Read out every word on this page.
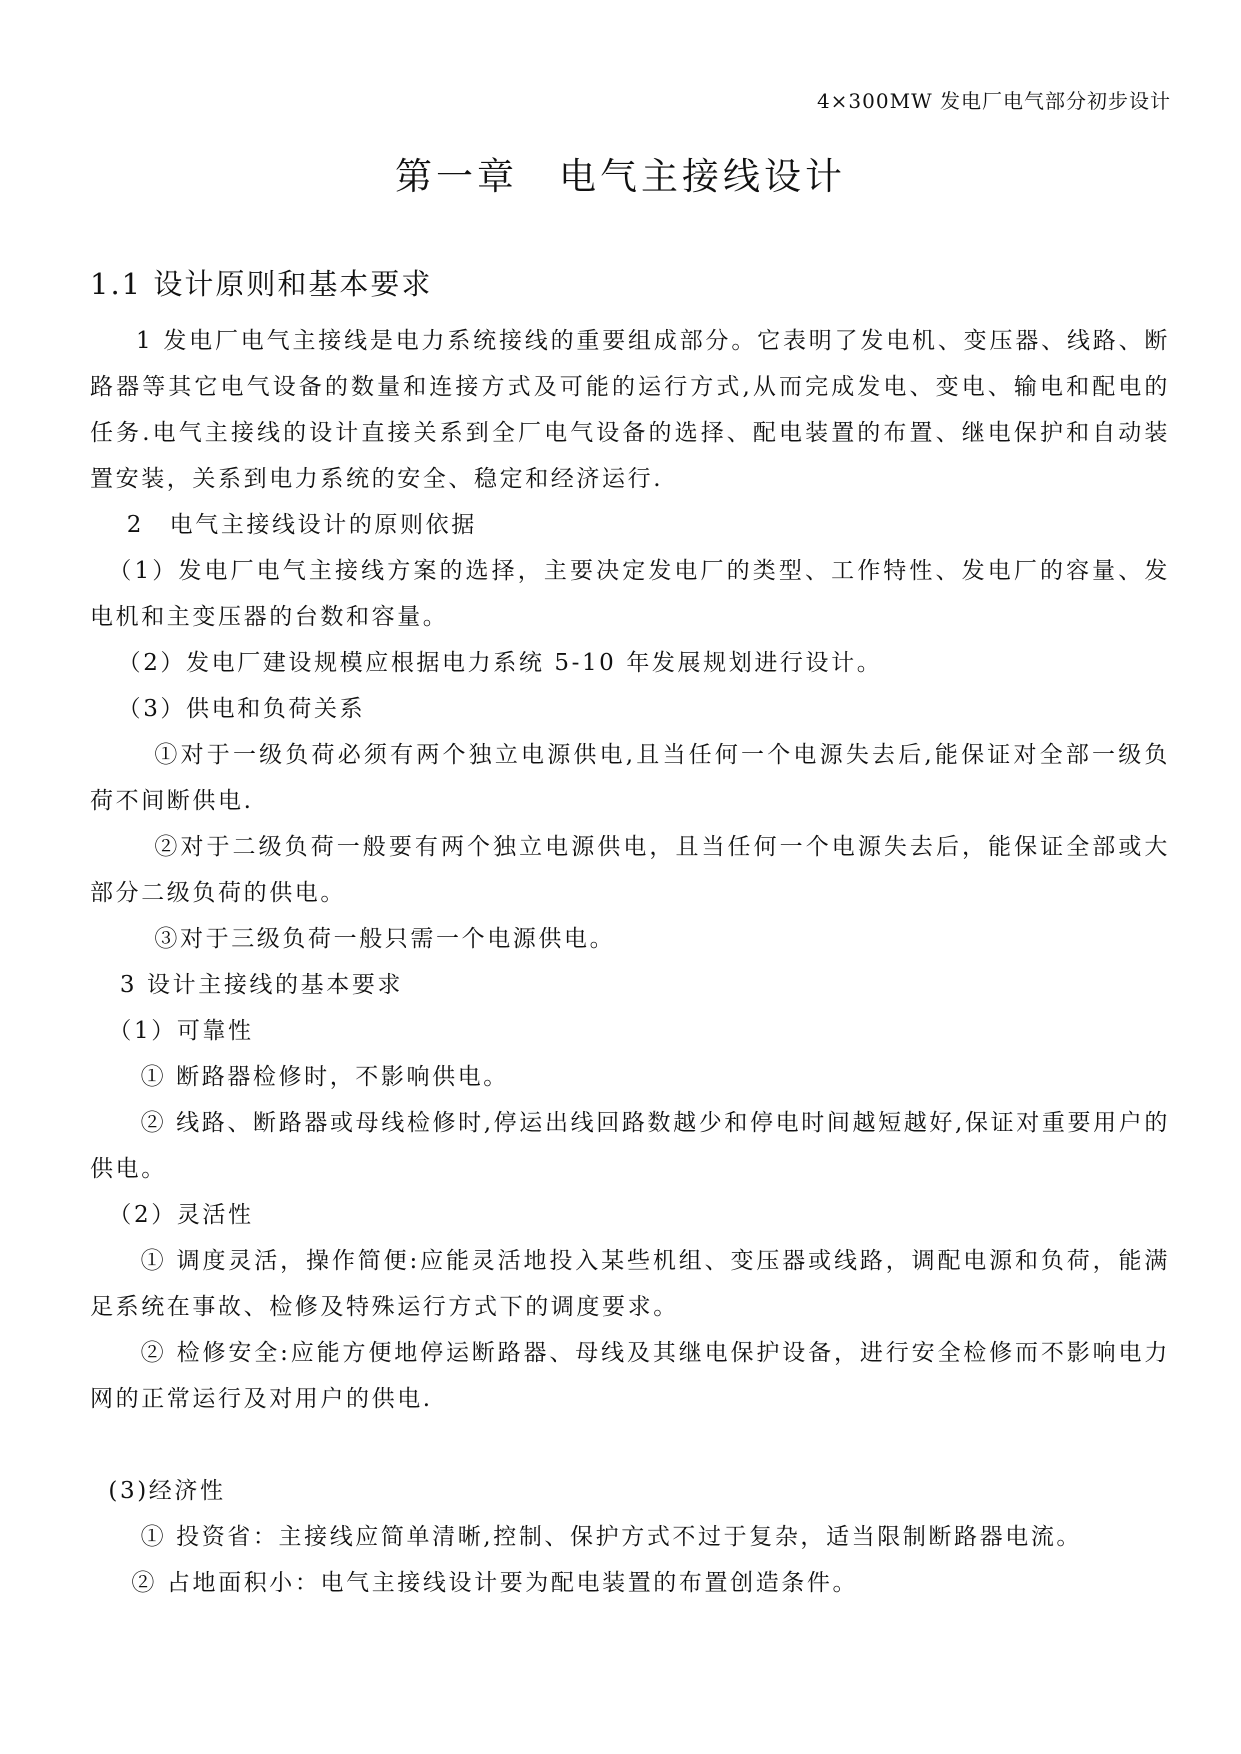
4×300MW 发电厂电气部分初步设计
第一章　电气主接线设计
1.1 设计原则和基本要求

1 发电厂电气主接线是电力系统接线的重要组成部分。它表明了发电机、变压器、线路、断路器等其它电气设备的数量和连接方式及可能的运行方式,从而完成发电、变电、输电和配电的任务.电气主接线的设计直接关系到全厂电气设备的选择、配电装置的布置、继电保护和自动装置安装，关系到电力系统的安全、稳定和经济运行.

2　电气主接线设计的原则依据

（1）发电厂电气主接线方案的选择，主要决定发电厂的类型、工作特性、发电厂的容量、发电机和主变压器的台数和容量。

（2）发电厂建设规模应根据电力系统 5-10 年发展规划进行设计。

（3）供电和负荷关系

①对于一级负荷必须有两个独立电源供电,且当任何一个电源失去后,能保证对全部一级负荷不间断供电.

②对于二级负荷一般要有两个独立电源供电，且当任何一个电源失去后，能保证全部或大部分二级负荷的供电。

③对于三级负荷一般只需一个电源供电。

3 设计主接线的基本要求

（1）可靠性

① 断路器检修时，不影响供电。

② 线路、断路器或母线检修时,停运出线回路数越少和停电时间越短越好,保证对重要用户的供电。

（2）灵活性

① 调度灵活，操作简便:应能灵活地投入某些机组、变压器或线路，调配电源和负荷，能满足系统在事故、检修及特殊运行方式下的调度要求。

② 检修安全:应能方便地停运断路器、母线及其继电保护设备，进行安全检修而不影响电力网的正常运行及对用户的供电.

(3)经济性

① 投资省：主接线应简单清晰,控制、保护方式不过于复杂，适当限制断路器电流。

② 占地面积小：电气主接线设计要为配电装置的布置创造条件。
